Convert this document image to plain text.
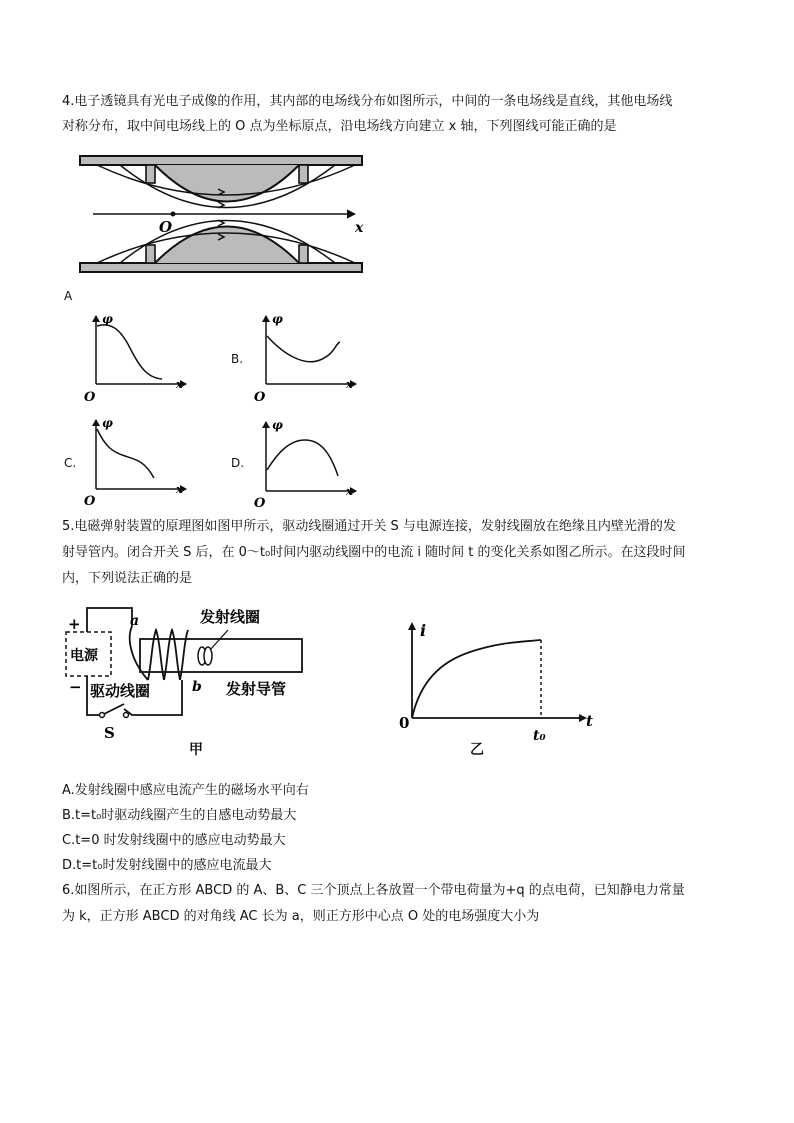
4.电子透镜具有光电子成像的作用，其内部的电场线分布如图所示，中间的一条电场线是直线，其他电场线
对称分布，取中间电场线上的 O 点为坐标原点，沿电场线方向建立 x 轴，下列图线可能正确的是
O	x
A
φ
x
O
B.
φ
x
O
C.
φ
x
O
D.
φ
x
O
5.电磁弹射装置的原理图如图甲所示，驱动线圈通过开关 S 与电源连接，发射线圈放在绝缘且内壁光滑的发
射导管内。闭合开关 S 后，在 0～t₀时间内驱动线圈中的电流 i 随时间 t 的变化关系如图乙所示。在这段时间
内，下列说法正确的是
S
电源
+
−
a
b
发射线圈
驱动线圈	发射导管
甲
i
t
0
t₀
乙
A.发射线圈中感应电流产生的磁场水平向右
B.t=t₀时驱动线圈产生的自感电动势最大
C.t=0 时发射线圈中的感应电动势最大
D.t=t₀时发射线圈中的感应电流最大
6.如图所示，在正方形 ABCD 的 A、B、C 三个顶点上各放置一个带电荷量为+q 的点电荷，已知静电力常量
为 k，正方形 ABCD 的对角线 AC 长为 a，则正方形中心点 O 处的电场强度大小为
